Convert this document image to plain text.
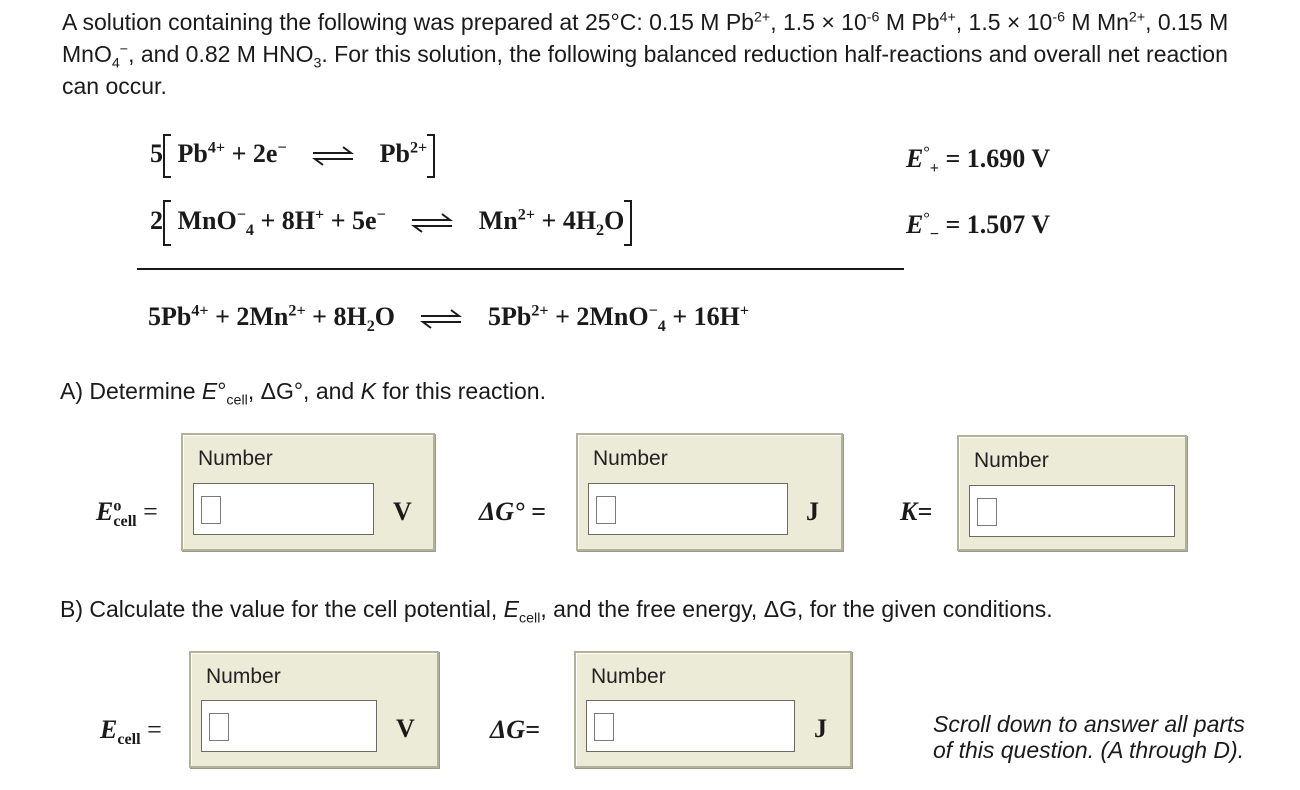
A solution containing the following was prepared at 25°C: 0.15 M $Pb^{2+}$, $1.5 \times 10^{-6}$ M $Pb^{4+}$, $1.5 \times 10^{-6}$ M $Mn^{2+}$, 0.15 M MnO$_4$−, and 0.82 M $HNO_3$. For this solution, the following balanced reduction half-reactions and overall net reaction can occur.
5 $Pb^{4+} + 2e^-$ ⇌ $Pb^{2+}$	$E^\circ_+ = 1.690$ V
2 MnO−$_4$ + 8H+ + 5e− ⇌ $Mn^{2+} + 4H_2O$	$E^\circ_- = 1.507$ V
$5Pb^{4+} + 2Mn^{2+} + 8H_2O$ ⇌ $5Pb^{2+} + 2MnO^-_4 + 16H^+$
A) Determine $E^\circ_{cell}$, ΔG°, and K for this reaction.
$E^o_{cell}$ =
Number
V	ΔG° =
Number
J	K=
Number
B) Calculate the value for the cell potential, $E_{cell}$, and the free energy, ΔG, for the given conditions.
$E_{cell}$ =
Number
V	ΔG=
Number
J	Scroll down to answer all parts
of this question. (A through D).
